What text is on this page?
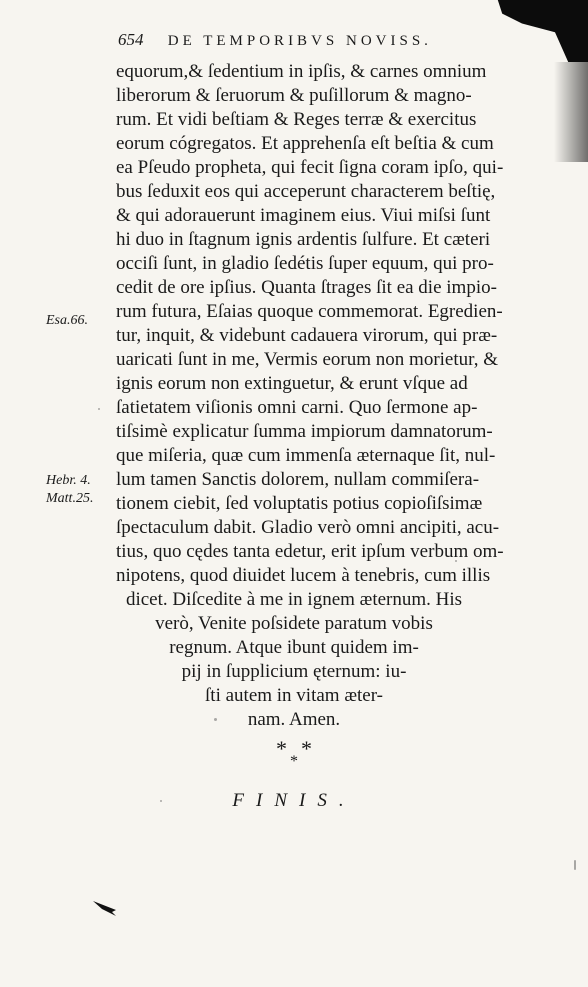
654 DE TEMPORIBVS NOVISS.
Esa.66.
Hebr. 4.
Matt.25.
equorum,& ſedentium in ipſis, & carnes omnium
liberorum & ſeruorum & puſillorum & magno-
rum. Et vidi beſtiam & Reges terræ & exercitus
eorum cógregatos. Et apprehenſa eſt beſtia & cum
ea Pſeudo propheta, qui fecit ſigna coram ipſo, qui-
bus ſeduxit eos qui acceperunt characterem beſtię,
& qui adorauerunt imaginem eius. Viui miſsi ſunt
hi duo in ſtagnum ignis ardentis ſulfure. Et cæteri
occiſi ſunt, in gladio ſedétis ſuper equum, qui pro-
cedit de ore ipſius. Quanta ſtrages ſit ea die impio-
rum futura, Eſaias quoque commemorat. Egredien-
tur, inquit, & videbunt cadauera virorum, qui præ-
uaricati ſunt in me, Vermis eorum non morietur, &
ignis eorum non extinguetur, & erunt vſque ad
ſatietatem viſionis omni carni. Quo ſermone ap-
tiſsimè explicatur ſumma impiorum damnatorum-
que miſeria, quæ cum immenſa æternaque ſit, nul-
lum tamen Sanctis dolorem, nullam commiſera-
tionem ciebit, ſed voluptatis potius copioſiſsimæ
ſpectaculum dabit. Gladio verò omni ancipiti, acu-
tius, quo cędes tanta edetur, erit ipſum verbum om-
nipotens, quod diuidet lucem à tenebris, cum illis
dicet. Diſcedite à me in ignem æternum. His
verò, Venite poſsidete paratum vobis
regnum. Atque ibunt quidem im-
pij in ſupplicium ęternum: iu-
ſti autem in vitam æter-
nam. Amen.
$*_**$
FINIS.
